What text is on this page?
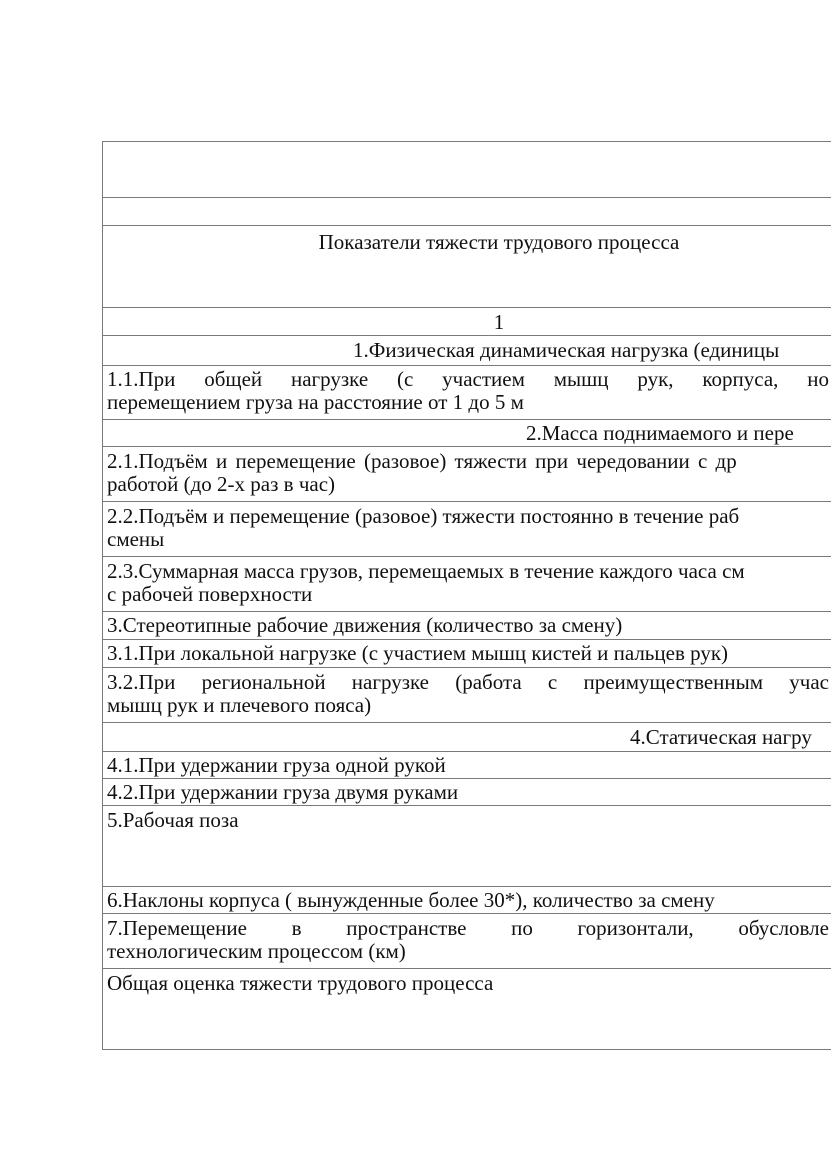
Показатели тяжести трудового процесса
1
1.Физическая динамическая нагрузка (единицы
1.1.При общей нагрузке (с участием мышц рук, корпуса, но
перемещением груза на расстояние от 1 до 5 м
2.Масса поднимаемого и пере
2.1.Подъём и перемещение (разовое) тяжести при чередовании с др
работой (до 2-х раз в час)
2.2.Подъём и перемещение (разовое) тяжести постоянно в течение раб
смены
2.3.Суммарная масса грузов, перемещаемых в течение каждого часа см
с рабочей поверхности
3.Стереотипные рабочие движения (количество за смену)
3.1.При локальной нагрузке (с участием мышц кистей и пальцев рук)
3.2.При региональной нагрузке (работа с преимущественным учас
мышц рук и плечевого пояса)
4.Статическая нагру
4.1.При удержании груза одной рукой
4.2.При удержании груза двумя руками
5.Рабочая поза
6.Наклоны корпуса ( вынужденные более 30*), количество за смену
7.Перемещение в пространстве по горизонтали, обусловле
технологическим процессом (км)
Общая оценка тяжести трудового процесса
